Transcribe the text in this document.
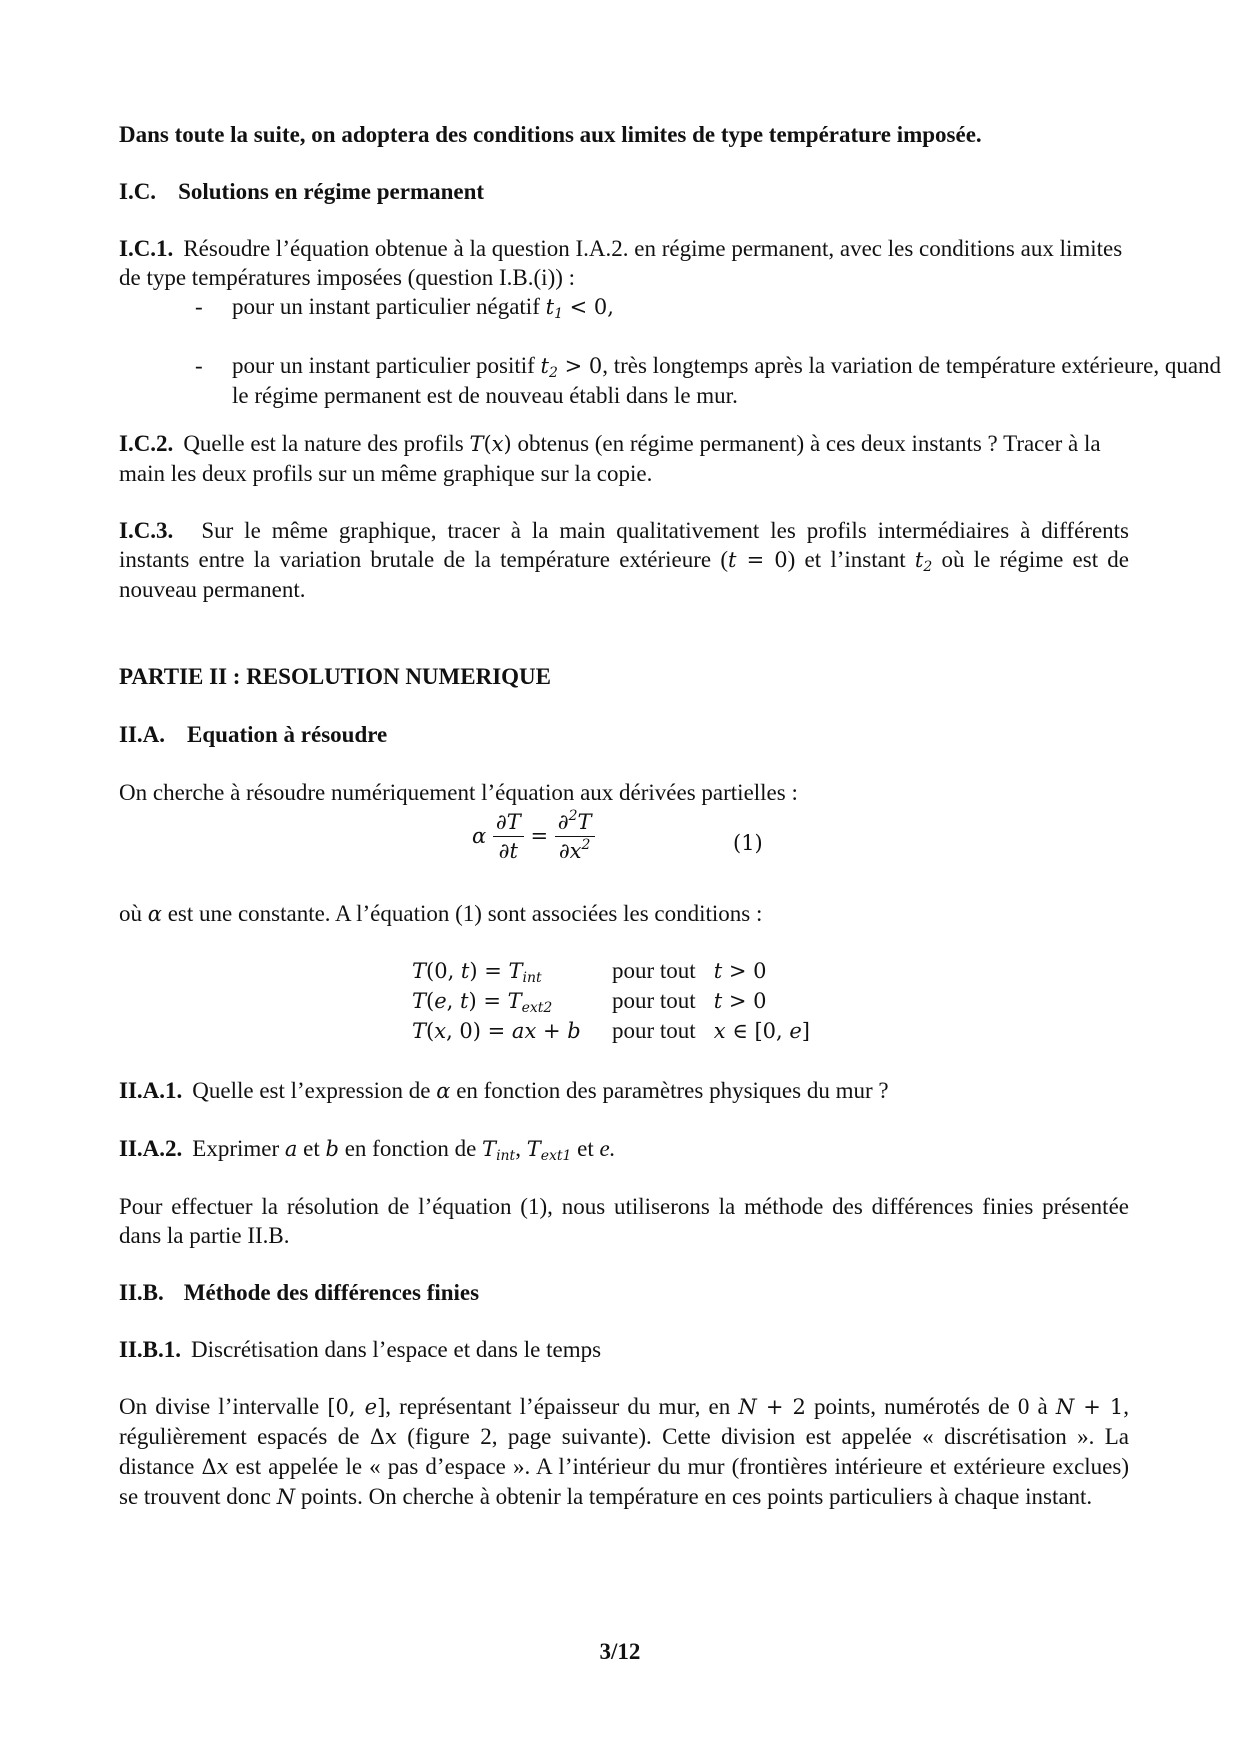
Dans toute la suite, on adoptera des conditions aux limites de type température imposée.
I.C. Solutions en régime permanent
I.C.1. Résoudre l’équation obtenue à la question I.A.2. en régime permanent, avec les conditions aux limites de type températures imposées (question I.B.(i)) :
- pour un instant particulier négatif $t_1 < 0$,
- pour un instant particulier positif $t_2 > 0$, très longtemps après la variation de température extérieure, quand le régime permanent est de nouveau établi dans le mur.
I.C.2. Quelle est la nature des profils T(x) obtenus (en régime permanent) à ces deux instants ? Tracer à la main les deux profils sur un même graphique sur la copie.
I.C.3. Sur le même graphique, tracer à la main qualitativement les profils intermédiaires à différents instants entre la variation brutale de la température extérieure (t = 0) et l’instant $t_2$ où le régime est de nouveau permanent.
PARTIE II : RESOLUTION NUMERIQUE
II.A. Equation à résoudre
On cherche à résoudre numériquement l’équation aux dérivées partielles :
α $\frac{\partial T}{\partial t} = \frac{\partial^2T}{\partial x^2}$	(1)
où α est une constante. A l’équation (1) sont associées les conditions :
T(0, $t) = T_{int}$	pour tout t > 0
T(e, $t) = T_{ext2}$	pour tout t > 0
T(x, 0) = ax + b	pour tout x ∈ [0, e]
II.A.1. Quelle est l’expression de α en fonction des paramètres physiques du mur ?
II.A.2. Exprimer a et b en fonction de $T_{int}$, $T_{ext1}$ et e.
Pour effectuer la résolution de l’équation (1), nous utiliserons la méthode des différences finies présentée dans la partie II.B.
II.B. Méthode des différences finies
II.B.1. Discrétisation dans l’espace et dans le temps
On divise l’intervalle [0, e], représentant l’épaisseur du mur, en N + 2 points, numérotés de 0 à N + 1, régulièrement espacés de Δx (figure 2, page suivante). Cette division est appelée « discrétisation ». La distance Δx est appelée le « pas d’espace ». A l’intérieur du mur (frontières intérieure et extérieure exclues) se trouvent donc N points. On cherche à obtenir la température en ces points particuliers à chaque instant.
3/12
